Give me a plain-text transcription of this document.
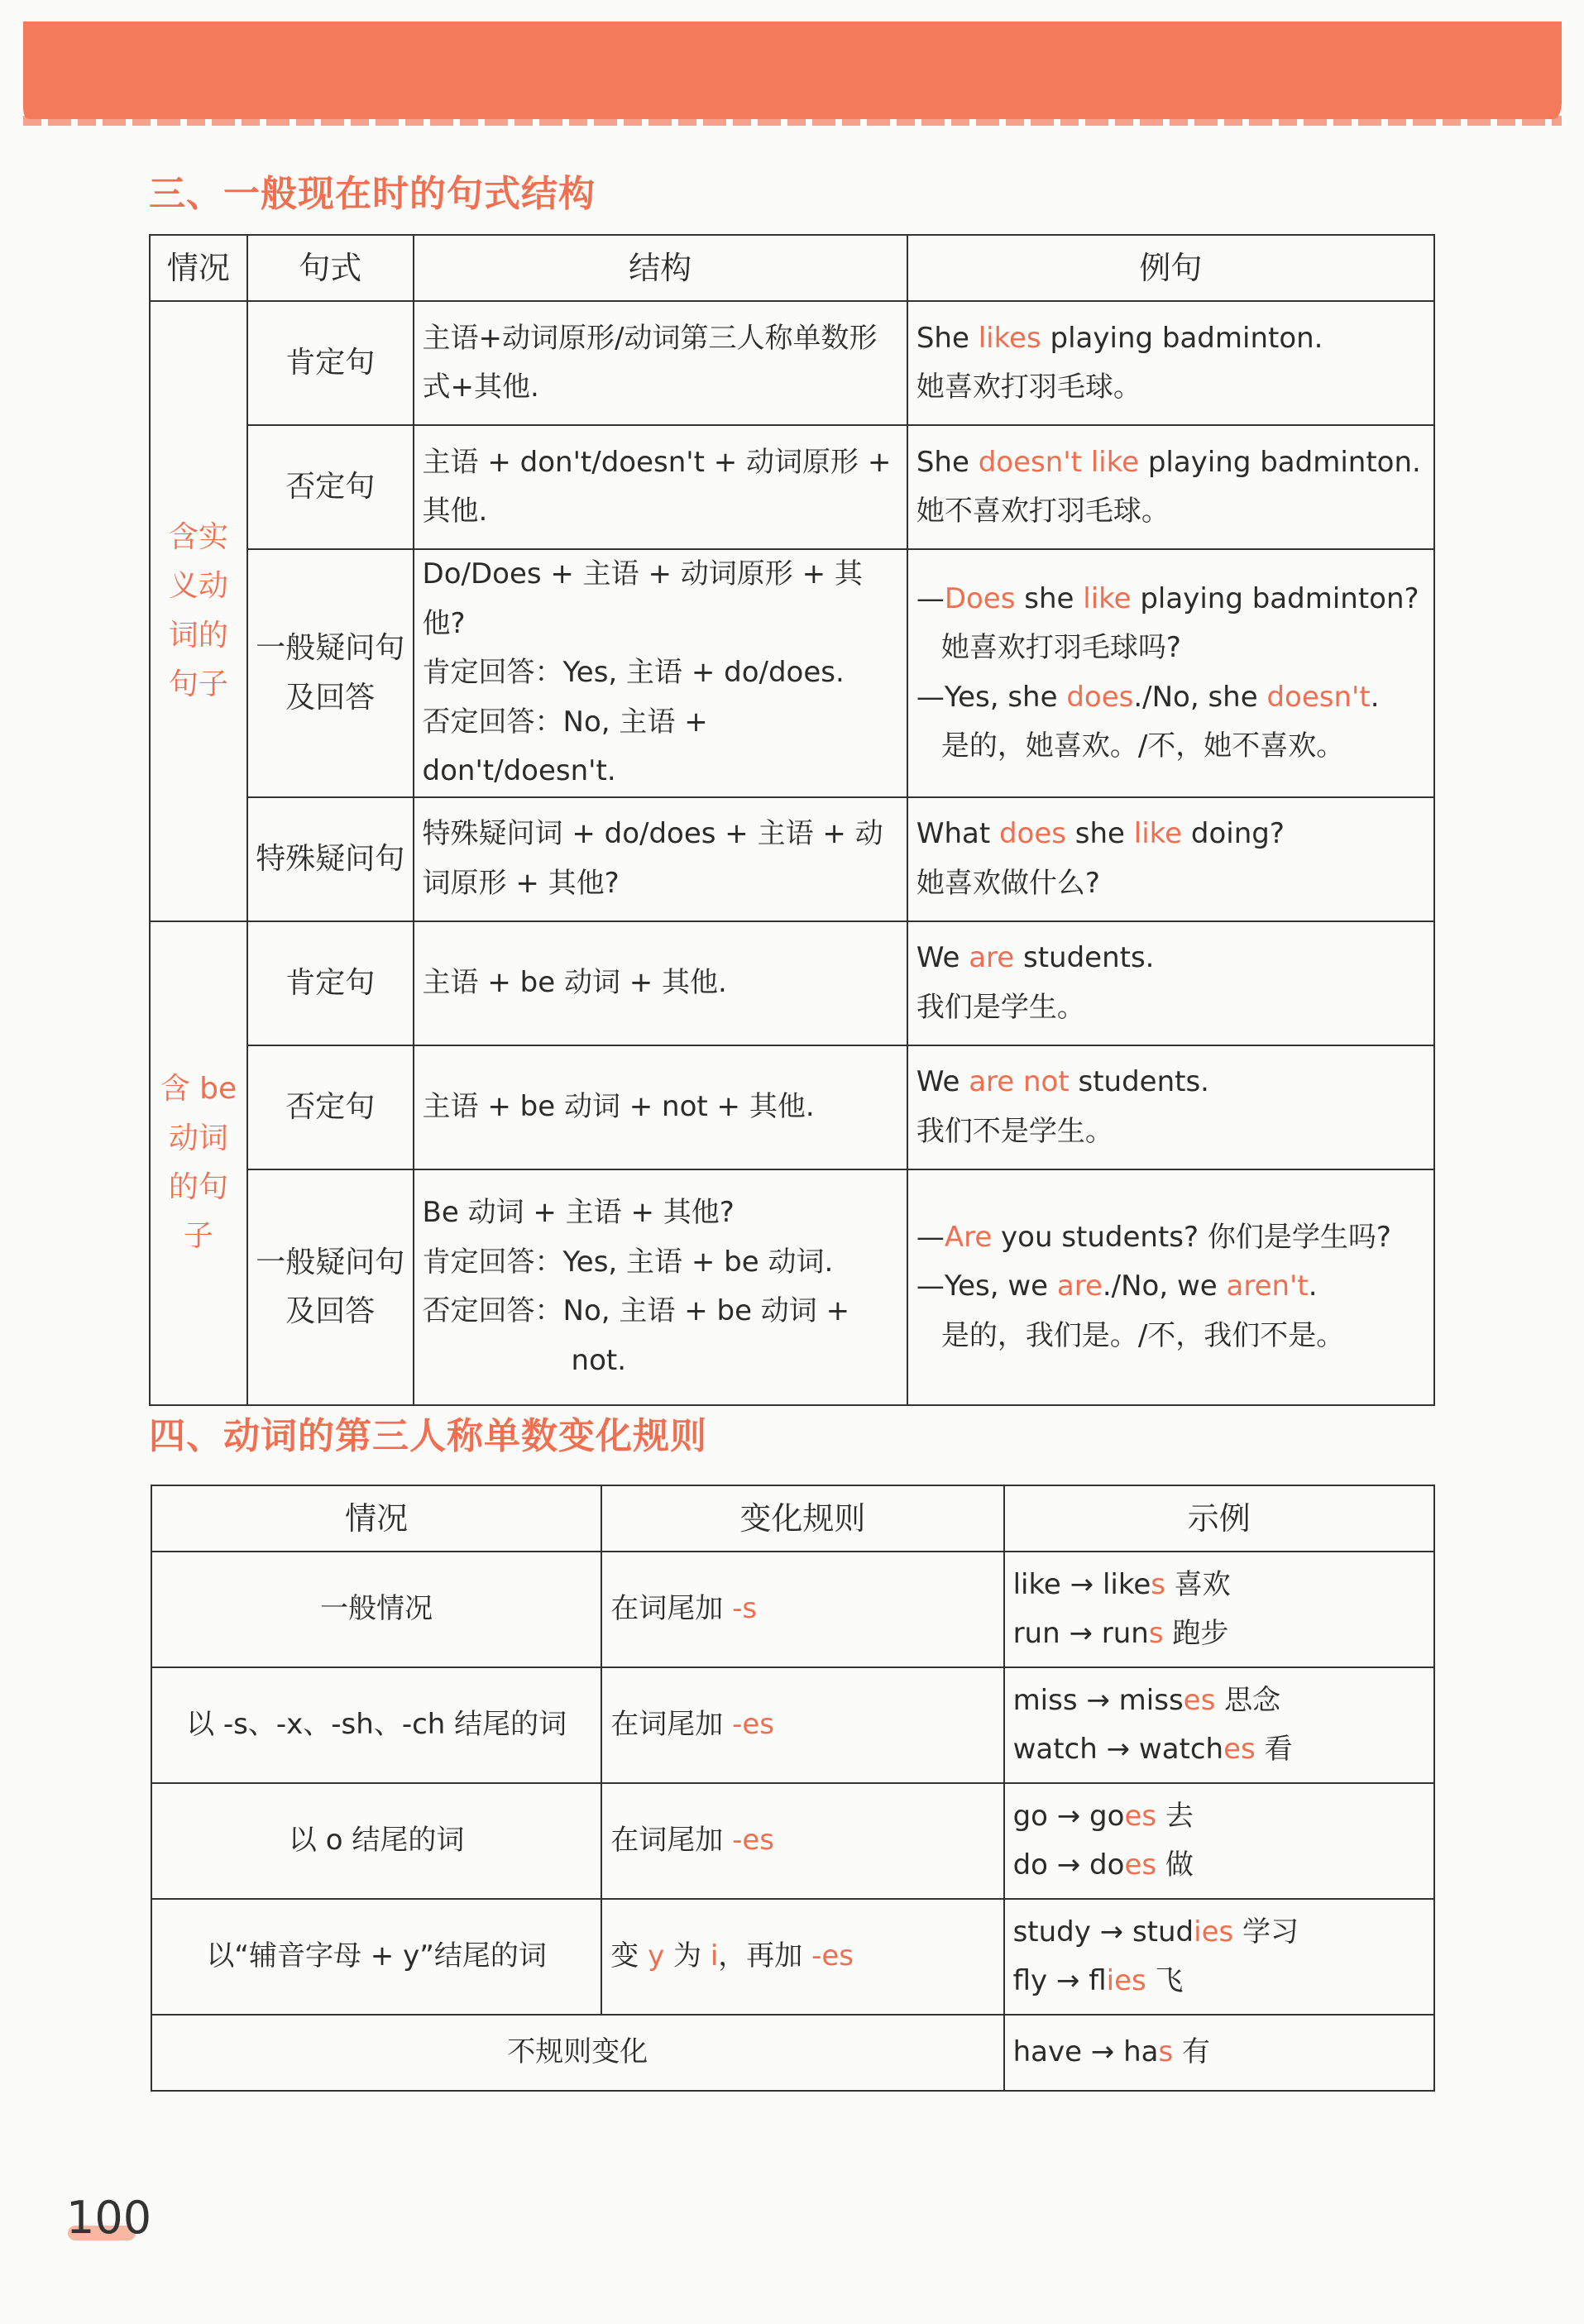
三、一般现在时的句式结构
情况	句式	结构	例句
含实义动词的句子	肯定句	主语+动词原形/动词第三人称单数形式+其他.	She likes playing badminton.
她喜欢打羽毛球。
	否定句	主语 + don't/doesn't + 动词原形 + 其他.	She doesn't like playing badminton.
她不喜欢打羽毛球。
	一般疑问句及回答	Do/Does + 主语 + 动词原形 + 其他?
肯定回答：Yes, 主语 + do/does.
否定回答：No, 主语 + don't/doesn't.	—Does she like playing badminton?

她喜欢打羽毛球吗?
—Yes, she does./No, she doesn't.

是的，她喜欢。/不，她不喜欢。

	特殊疑问句	特殊疑问词 + do/does + 主语 + 动词原形 + 其他?	What does she like doing?
她喜欢做什么?
含 be 动词的句子	肯定句	主语 + be 动词 + 其他.	We are students.
我们是学生。
	否定句	主语 + be 动词 + not + 其他.	We are not students.
我们不是学生。
	一般疑问句及回答	Be 动词 + 主语 + 其他?
肯定回答：Yes, 主语 + be 动词.
否定回答：No, 主语 + be 动词 +
not.	—Are you students? 你们是学生吗?
—Yes, we are./No, we aren't.

是的，我们是。/不，我们不是。
四、动词的第三人称单数变化规则
情况	变化规则	示例
一般情况	在词尾加 -s	like → likes 喜欢
run → runs 跑步
以 -s、-x、-sh、-ch 结尾的词	在词尾加 -es	miss → misses 思念
watch → watches 看
以 o 结尾的词	在词尾加 -es	go → goes 去
do → does 做
以“辅音字母 + y”结尾的词	变 y 为 i，再加 -es	study → studies 学习
fly → flies 飞
不规则变化		have → has 有
100
